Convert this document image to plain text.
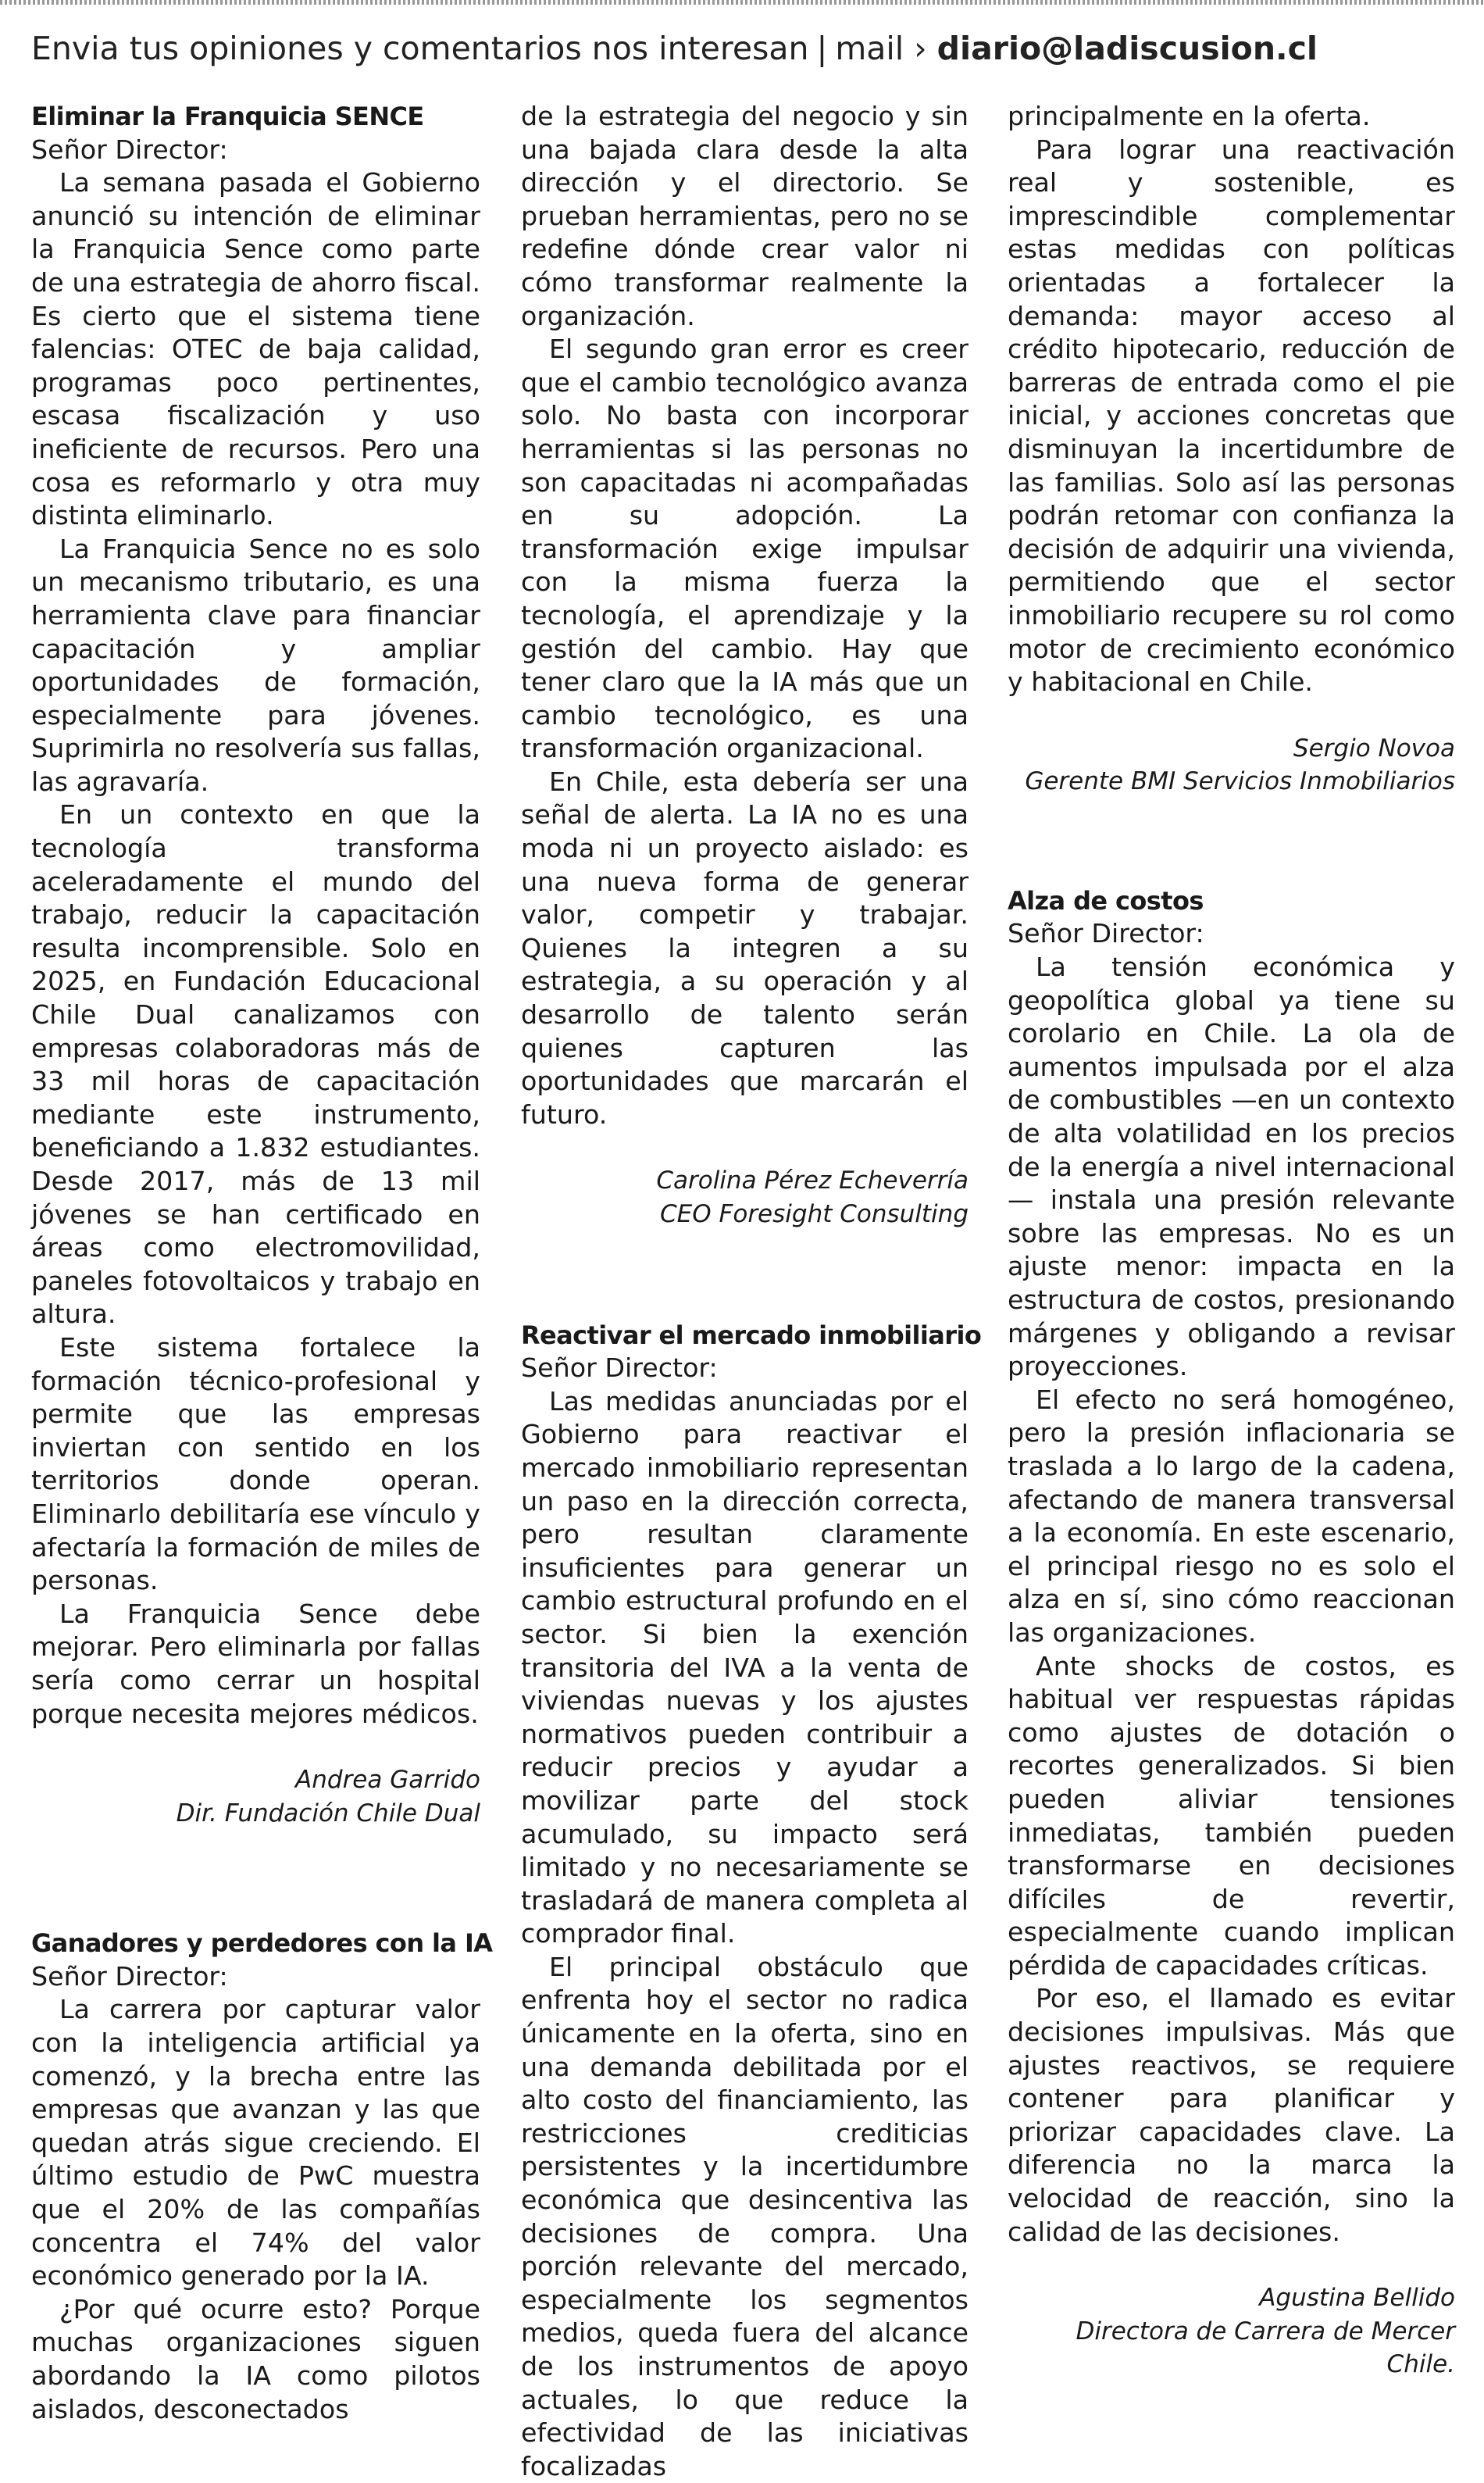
Envia tus opiniones y comentarios nos interesan | mail › diario@ladiscusion.cl
Eliminar la Franquicia SENCE
Señor Director:

La semana pasada el Gobierno anunció su intención de eliminar la Franquicia Sence como parte de una estrategia de ahorro fiscal. Es cierto que el sistema tiene falencias: OTEC de baja calidad, programas poco pertinentes, escasa fiscalización y uso ineficiente de recursos. Pero una cosa es reformarlo y otra muy distinta eliminarlo.

La Franquicia Sence no es solo un mecanismo tributario, es una herramienta clave para financiar capacitación y ampliar oportunidades de formación, especialmente para jóvenes. Suprimirla no resolvería sus fallas, las agravaría.

En un contexto en que la tecnología transforma aceleradamente el mundo del trabajo, reducir la capacitación resulta incomprensible. Solo en 2025, en Fundación Educacional Chile Dual canalizamos con empresas colaboradoras más de 33 mil horas de capacitación mediante este instrumento, beneficiando a 1.832 estudiantes. Desde 2017, más de 13 mil jóvenes se han certificado en áreas como electromovilidad, paneles fotovoltaicos y trabajo en altura.

Este sistema fortalece la formación técnico-profesional y permite que las empresas inviertan con sentido en los territorios donde operan. Eliminarlo debilitaría ese vínculo y afectaría la formación de miles de personas.

La Franquicia Sence debe mejorar. Pero eliminarla por fallas sería como cerrar un hospital porque necesita mejores médicos.

Andrea Garrido
Dir. Fundación Chile Dual
Ganadores y perdedores con la IA
Señor Director:

La carrera por capturar valor con la inteligencia artificial ya comenzó, y la brecha entre las empresas que avanzan y las que quedan atrás sigue creciendo. El último estudio de PwC muestra que el 20% de las compañías concentra el 74% del valor económico generado por la IA.

¿Por qué ocurre esto? Porque muchas organizaciones siguen abordando la IA como pilotos aislados, desconectados

de la estrategia del negocio y sin una bajada clara desde la alta dirección y el directorio. Se prueban herramientas, pero no se redefine dónde crear valor ni cómo transformar realmente la organización.

El segundo gran error es creer que el cambio tecnológico avanza solo. No basta con incorporar herramientas si las personas no son capacitadas ni acompañadas en su adopción. La transformación exige impulsar con la misma fuerza la tecnología, el aprendizaje y la gestión del cambio. Hay que tener claro que la IA más que un cambio tecnológico, es una transformación organizacional.

En Chile, esta debería ser una señal de alerta. La IA no es una moda ni un proyecto aislado: es una nueva forma de generar valor, competir y trabajar. Quienes la integren a su estrategia, a su operación y al desarrollo de talento serán quienes capturen las oportunidades que marcarán el futuro.

Carolina Pérez Echeverría
CEO Foresight Consulting
Reactivar el mercado inmobiliario
Señor Director:

Las medidas anunciadas por el Gobierno para reactivar el mercado inmobiliario representan un paso en la dirección correcta, pero resultan claramente insuficientes para generar un cambio estructural profundo en el sector. Si bien la exención transitoria del IVA a la venta de viviendas nuevas y los ajustes normativos pueden contribuir a reducir precios y ayudar a movilizar parte del stock acumulado, su impacto será limitado y no necesariamente se trasladará de manera completa al comprador final.

El principal obstáculo que enfrenta hoy el sector no radica únicamente en la oferta, sino en una demanda debilitada por el alto costo del financiamiento, las restricciones crediticias persistentes y la incertidumbre económica que desincentiva las decisiones de compra. Una porción relevante del mercado, especialmente los segmentos medios, queda fuera del alcance de los instrumentos de apoyo actuales, lo que reduce la efectividad de las iniciativas focalizadas

principalmente en la oferta.

Para lograr una reactivación real y sostenible, es imprescindible complementar estas medidas con políticas orientadas a fortalecer la demanda: mayor acceso al crédito hipotecario, reducción de barreras de entrada como el pie inicial, y acciones concretas que disminuyan la incertidumbre de las familias. Solo así las personas podrán retomar con confianza la decisión de adquirir una vivienda, permitiendo que el sector inmobiliario recupere su rol como motor de crecimiento económico y habitacional en Chile.

Sergio Novoa
Gerente BMI Servicios Inmobiliarios
Alza de costos
Señor Director:

La tensión económica y geopolítica global ya tiene su corolario en Chile. La ola de aumentos impulsada por el alza de combustibles —en un contexto de alta volatilidad en los precios de la energía a nivel internacional— instala una presión relevante sobre las empresas. No es un ajuste menor: impacta en la estructura de costos, presionando márgenes y obligando a revisar proyecciones.

El efecto no será homogéneo, pero la presión inflacionaria se traslada a lo largo de la cadena, afectando de manera transversal a la economía. En este escenario, el principal riesgo no es solo el alza en sí, sino cómo reaccionan las organizaciones.

Ante shocks de costos, es habitual ver respuestas rápidas como ajustes de dotación o recortes generalizados. Si bien pueden aliviar tensiones inmediatas, también pueden transformarse en decisiones difíciles de revertir, especialmente cuando implican pérdida de capacidades críticas.

Por eso, el llamado es evitar decisiones impulsivas. Más que ajustes reactivos, se requiere contener para planificar y priorizar capacidades clave. La diferencia no la marca la velocidad de reacción, sino la calidad de las decisiones.

Agustina Bellido
Directora de Carrera de Mercer Chile.
